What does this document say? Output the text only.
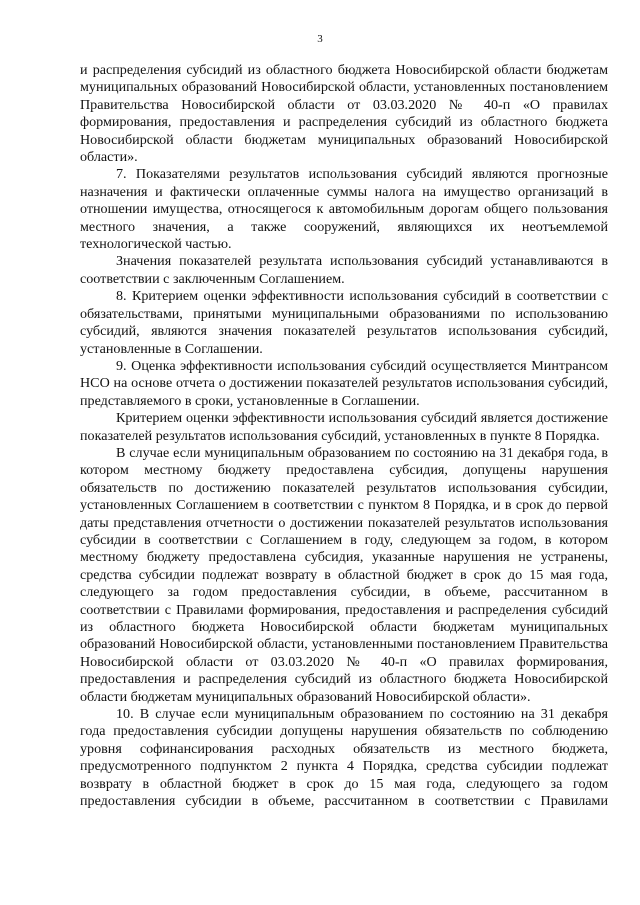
3

и распределения субсидий из областного бюджета Новосибирской области бюджетам муниципальных образований Новосибирской области, установленных постановлением Правительства Новосибирской области от 03.03.2020 № 40-п «О правилах формирования, предоставления и распределения субсидий из областного бюджета Новосибирской области бюджетам муниципальных образований Новосибирской области».

7. Показателями результатов использования субсидий являются прогнозные назначения и фактически оплаченные суммы налога на имущество организаций в отношении имущества, относящегося к автомобильным дорогам общего пользования местного значения, а также сооружений, являющихся их неотъемлемой технологической частью.

Значения показателей результата использования субсидий устанавливаются в соответствии с заключенным Соглашением.

8. Критерием оценки эффективности использования субсидий в соответствии с обязательствами, принятыми муниципальными образованиями по использованию субсидий, являются значения показателей результатов использования субсидий, установленные в Соглашении.

9. Оценка эффективности использования субсидий осуществляется Минтрансом НСО на основе отчета о достижении показателей результатов использования субсидий, представляемого в сроки, установленные в Соглашении.

Критерием оценки эффективности использования субсидий является достижение показателей результатов использования субсидий, установленных в пункте 8 Порядка.

В случае если муниципальным образованием по состоянию на 31 декабря года, в котором местному бюджету предоставлена субсидия, допущены нарушения обязательств по достижению показателей результатов использования субсидии, установленных Соглашением в соответствии с пунктом 8 Порядка, и в срок до первой даты представления отчетности о достижении показателей результатов использования субсидии в соответствии с Соглашением в году, следующем за годом, в котором местному бюджету предоставлена субсидия, указанные нарушения не устранены, средства субсидии подлежат возврату в областной бюджет в срок до 15 мая года, следующего за годом предоставления субсидии, в объеме, рассчитанном в соответствии с Правилами формирования, предоставления и распределения субсидий из областного бюджета Новосибирской области бюджетам муниципальных образований Новосибирской области, установленными постановлением Правительства Новосибирской области от 03.03.2020 № 40-п «О правилах формирования, предоставления и распределения субсидий из областного бюджета Новосибирской области бюджетам муниципальных образований Новосибирской области».

10. В случае если муниципальным образованием по состоянию на 31 декабря года предоставления субсидии допущены нарушения обязательств по соблюдению уровня софинансирования расходных обязательств из местного бюджета, предусмотренного подпунктом 2 пункта 4 Порядка, средства субсидии подлежат возврату в областной бюджет в срок до 15 мая года, следующего за годом предоставления субсидии в объеме, рассчитанном в соответствии с Правилами
